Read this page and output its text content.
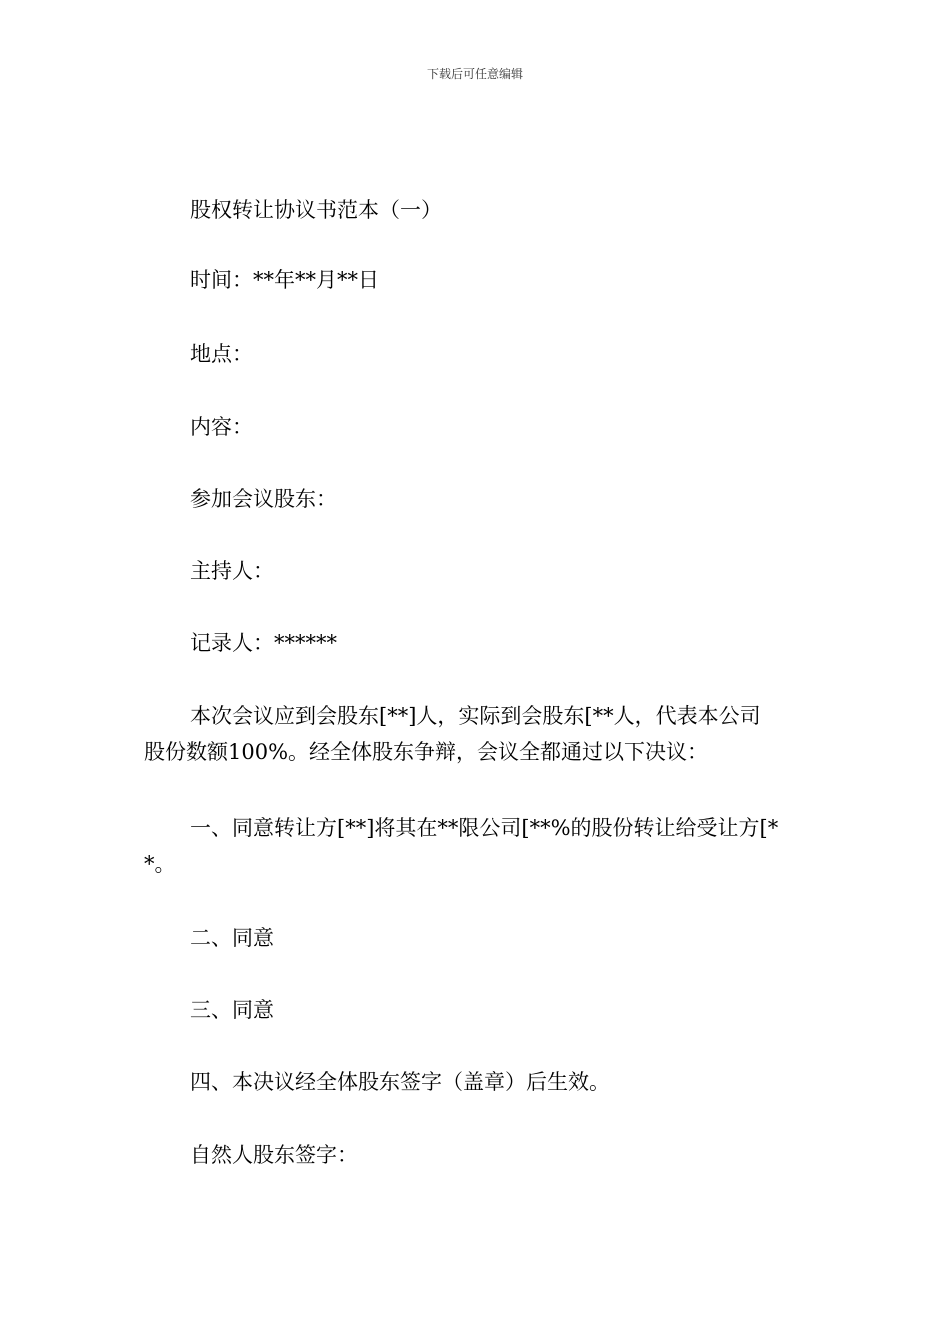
下载后可任意编辑
股权转让协议书范本（一）
时间：**年**月**日
地点：
内容：
参加会议股东：
主持人：
记录人：******
本次会议应到会股东[**]人，实际到会股东[**人，代表本公司
股份数额100%。经全体股东争辩，会议全都通过以下决议：
一、同意转让方[**]将其在**限公司[**%的股份转让给受让方[*
*。
二、同意
三、同意
四、本决议经全体股东签字（盖章）后生效。
自然人股东签字：
